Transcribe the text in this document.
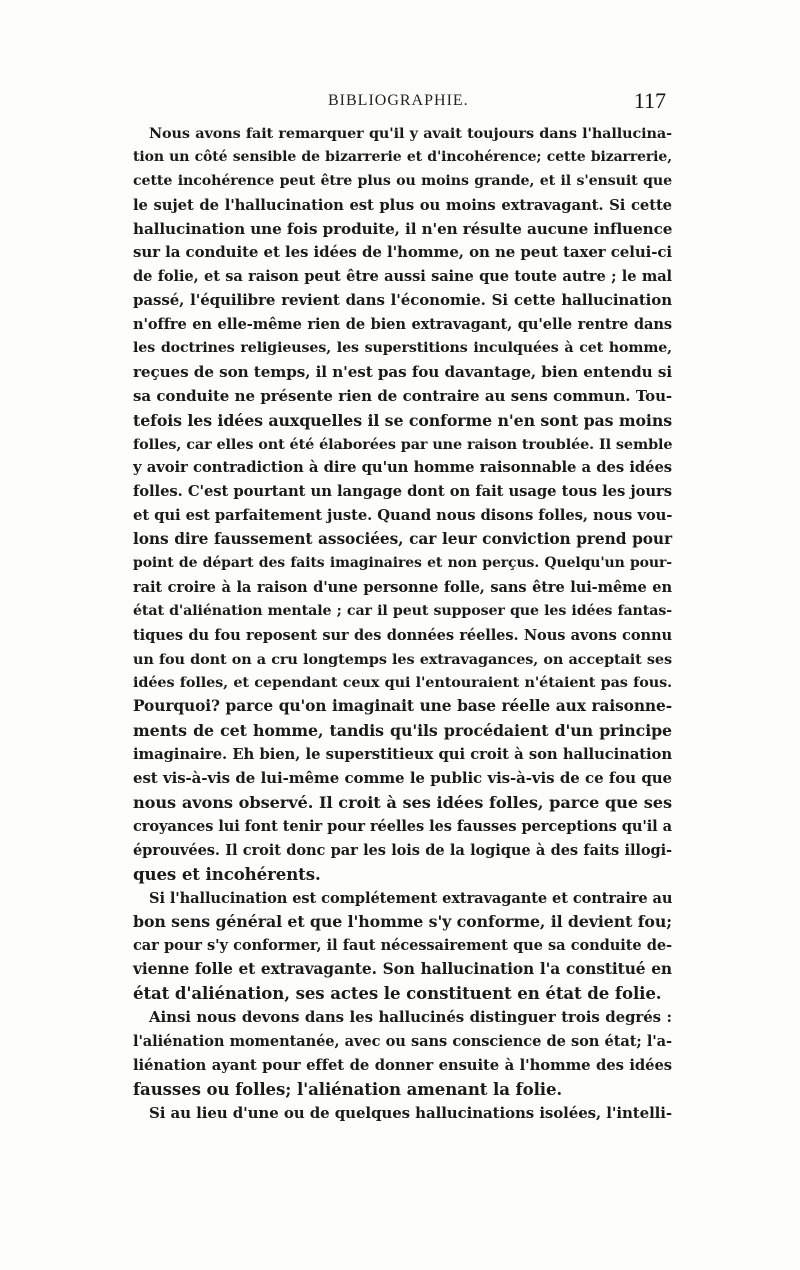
BIBLIOGRAPHIE.	117
Nous avons fait remarquer qu'il y avait toujours dans l'hallucina-
tion un côté sensible de bizarrerie et d'incohérence; cette bizarrerie,
cette incohérence peut être plus ou moins grande, et il s'ensuit que
le sujet de l'hallucination est plus ou moins extravagant. Si cette
hallucination une fois produite, il n'en résulte aucune influence
sur la conduite et les idées de l'homme, on ne peut taxer celui-ci
de folie, et sa raison peut être aussi saine que toute autre ; le mal
passé, l'équilibre revient dans l'économie. Si cette hallucination
n'offre en elle-même rien de bien extravagant, qu'elle rentre dans
les doctrines religieuses, les superstitions inculquées à cet homme,
reçues de son temps, il n'est pas fou davantage, bien entendu si
sa conduite ne présente rien de contraire au sens commun. Tou-
tefois les idées auxquelles il se conforme n'en sont pas moins
folles, car elles ont été élaborées par une raison troublée. Il semble
y avoir contradiction à dire qu'un homme raisonnable a des idées
folles. C'est pourtant un langage dont on fait usage tous les jours
et qui est parfaitement juste. Quand nous disons folles, nous vou-
lons dire faussement associées, car leur conviction prend pour
point de départ des faits imaginaires et non perçus. Quelqu'un pour-
rait croire à la raison d'une personne folle, sans être lui-même en
état d'aliénation mentale ; car il peut supposer que les idées fantas-
tiques du fou reposent sur des données réelles. Nous avons connu
un fou dont on a cru longtemps les extravagances, on acceptait ses
idées folles, et cependant ceux qui l'entouraient n'étaient pas fous.
Pourquoi? parce qu'on imaginait une base réelle aux raisonne-
ments de cet homme, tandis qu'ils procédaient d'un principe
imaginaire. Eh bien, le superstitieux qui croit à son hallucination
est vis-à-vis de lui-même comme le public vis-à-vis de ce fou que
nous avons observé. Il croit à ses idées folles, parce que ses
croyances lui font tenir pour réelles les fausses perceptions qu'il a
éprouvées. Il croit donc par les lois de la logique à des faits illogi-
ques et incohérents.
Si l'hallucination est complétement extravagante et contraire au
bon sens général et que l'homme s'y conforme, il devient fou;
car pour s'y conformer, il faut nécessairement que sa conduite de-
vienne folle et extravagante. Son hallucination l'a constitué en
état d'aliénation, ses actes le constituent en état de folie.
Ainsi nous devons dans les hallucinés distinguer trois degrés :
l'aliénation momentanée, avec ou sans conscience de son état; l'a-
liénation ayant pour effet de donner ensuite à l'homme des idées
fausses ou folles; l'aliénation amenant la folie.
Si au lieu d'une ou de quelques hallucinations isolées, l'intelli-
